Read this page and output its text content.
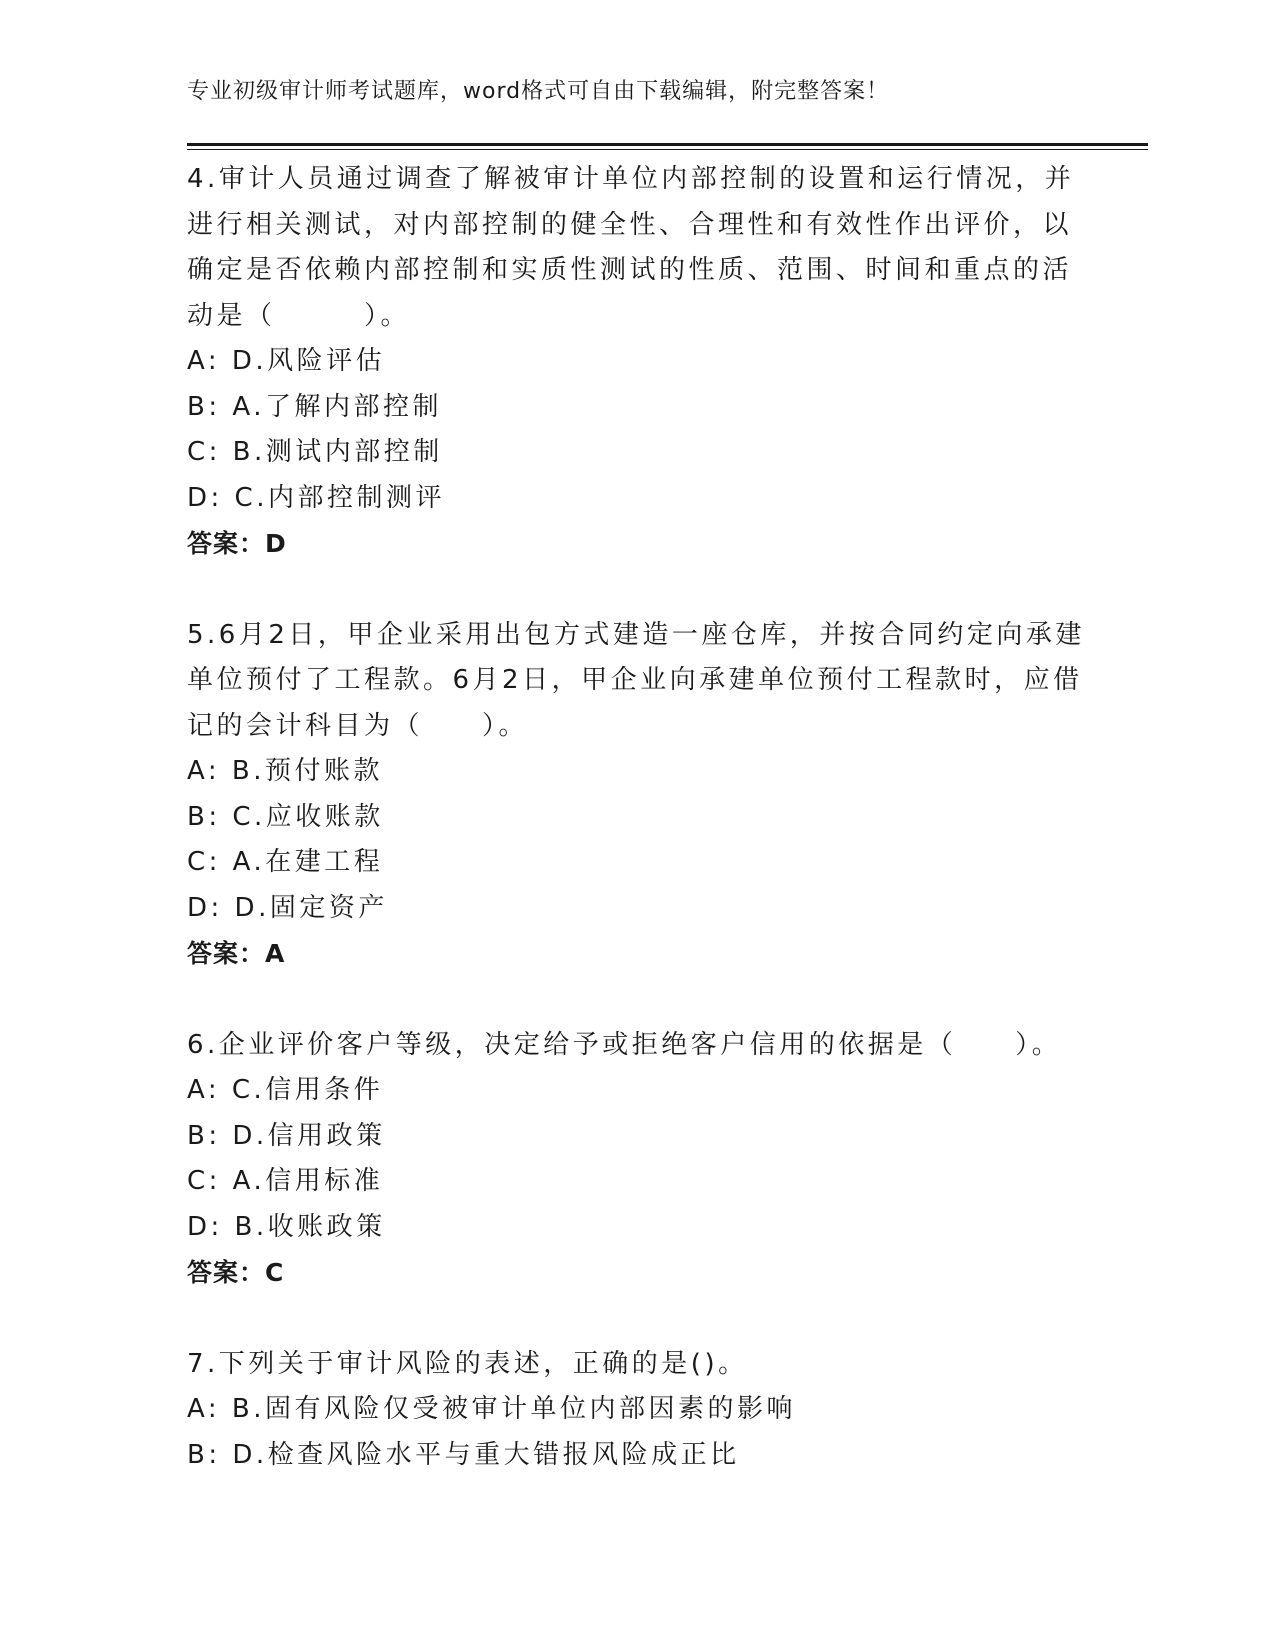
专业初级审计师考试题库，word格式可自由下载编辑，附完整答案！

4.审计人员通过调查了解被审计单位内部控制的设置和运行情况，并进行相关测试，对内部控制的健全性、合理性和有效性作出评价，以确定是否依赖内部控制和实质性测试的性质、范围、时间和重点的活动是（　　　）。

A: D.风险评估
B: A.了解内部控制
C: B.测试内部控制
D: C.内部控制测评
答案：D

5.6月2日，甲企业采用出包方式建造一座仓库，并按合同约定向承建单位预付了工程款。6月2日，甲企业向承建单位预付工程款时，应借记的会计科目为（　　）。

A: B.预付账款
B: C.应收账款
C: A.在建工程
D: D.固定资产
答案：A

6.企业评价客户等级，决定给予或拒绝客户信用的依据是（　　）。

A: C.信用条件
B: D.信用政策
C: A.信用标准
D: B.收账政策
答案：C

7.下列关于审计风险的表述，正确的是()。

A: B.固有风险仅受被审计单位内部因素的影响
B: D.检查风险水平与重大错报风险成正比
